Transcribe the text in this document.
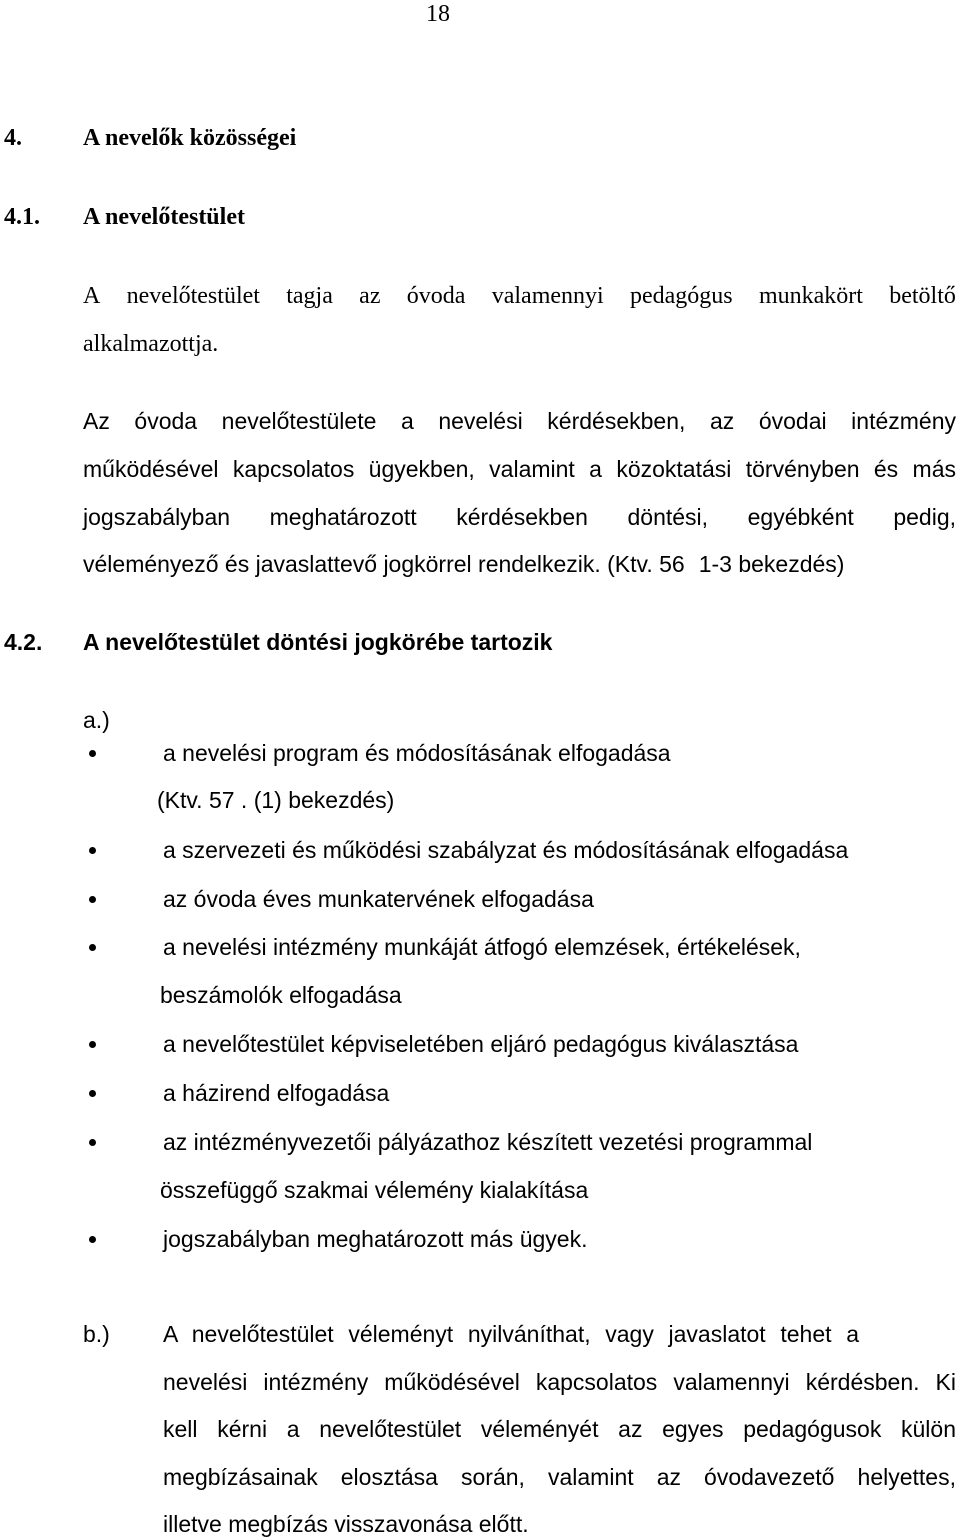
18
4.	A nevelők közösségei
4.1. A nevelőtestület
A nevelőtestület tagja az óvoda valamennyi pedagógus munkakört betöltő
alkalmazottja.
Az óvoda nevelőtestülete a nevelési kérdésekben, az óvodai intézmény
működésével kapcsolatos ügyekben, valamint a közoktatási törvényben és más
jogszabályban meghatározott kérdésekben döntési, egyébként pedig,
véleményező és javaslattevő jogkörrel rendelkezik. (Ktv. 56 1-3 bekezdés)
4.2. A nevelőtestület döntési jogkörébe tartozik
a.)
a nevelési program és módosításának elfogadása
(Ktv. 57 . (1) bekezdés)
a szervezeti és működési szabályzat és módosításának elfogadása
az óvoda éves munkatervének elfogadása
a nevelési intézmény munkáját átfogó elemzések, értékelések,
beszámolók elfogadása
a nevelőtestület képviseletében eljáró pedagógus kiválasztása
a házirend elfogadása
az intézményvezetői pályázathoz készített vezetési programmal
összefüggő szakmai vélemény kialakítása
jogszabályban meghatározott más ügyek.
b.) A nevelőtestület véleményt nyilváníthat, vagy javaslatot tehet a
nevelési intézmény működésével kapcsolatos valamennyi kérdésben. Ki
kell kérni a nevelőtestület véleményét az egyes pedagógusok külön
megbízásainak elosztása során, valamint az óvodavezető helyettes,
illetve megbízás visszavonása előtt.
